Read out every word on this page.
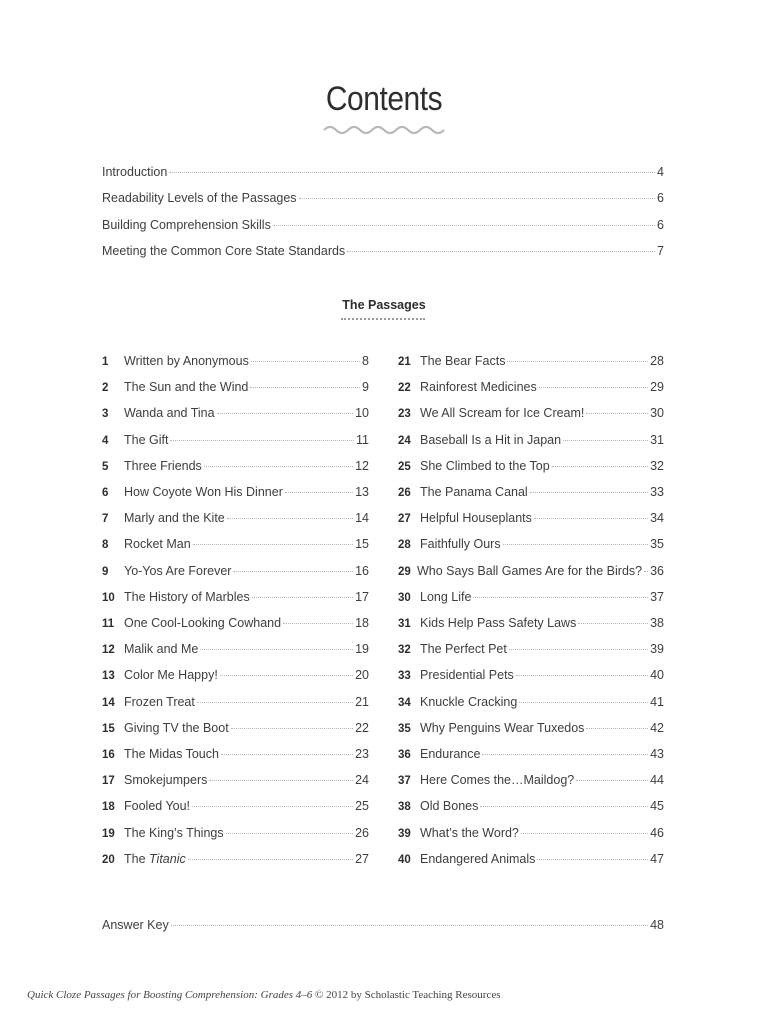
Contents
Introduction	4
Readability Levels of the Passages	6
Building Comprehension Skills	6
Meeting the Common Core State Standards	7
The Passages
1	Written by Anonymous	8
2	The Sun and the Wind	9
3	Wanda and Tina	10
4	The Gift	11
5	Three Friends	12
6	How Coyote Won His Dinner	13
7	Marly and the Kite	14
8	Rocket Man	15
9	Yo-Yos Are Forever	16
10 The History of Marbles	17
11 One Cool-Looking Cowhand	18
12 Malik and Me	19
13 Color Me Happy!	20
14 Frozen Treat	21
15 Giving TV the Boot	22
16 The Midas Touch	23
17 Smokejumpers	24
18 Fooled You!	25
19 The King’s Things	26
20 The Titanic	27
21 The Bear Facts	28
22 Rainforest Medicines	29
23 We All Scream for Ice Cream!	30
24 Baseball Is a Hit in Japan	31
25 She Climbed to the Top	32
26 The Panama Canal	33
27 Helpful Houseplants	34
28 Faithfully Ours	35
29 Who Says Ball Games Are for the Birds? 36
30 Long Life	37
31 Kids Help Pass Safety Laws	38
32 The Perfect Pet	39
33 Presidential Pets	40
34 Knuckle Cracking	41
35 Why Penguins Wear Tuxedos	42
36 Endurance	43
37 Here Comes the…Maildog?	44
38 Old Bones	45
39 What’s the Word?	46
40 Endangered Animals	47
Answer Key	48
Quick Cloze Passages for Boosting Comprehension: Grades 4–6 © 2012 by Scholastic Teaching Resources
